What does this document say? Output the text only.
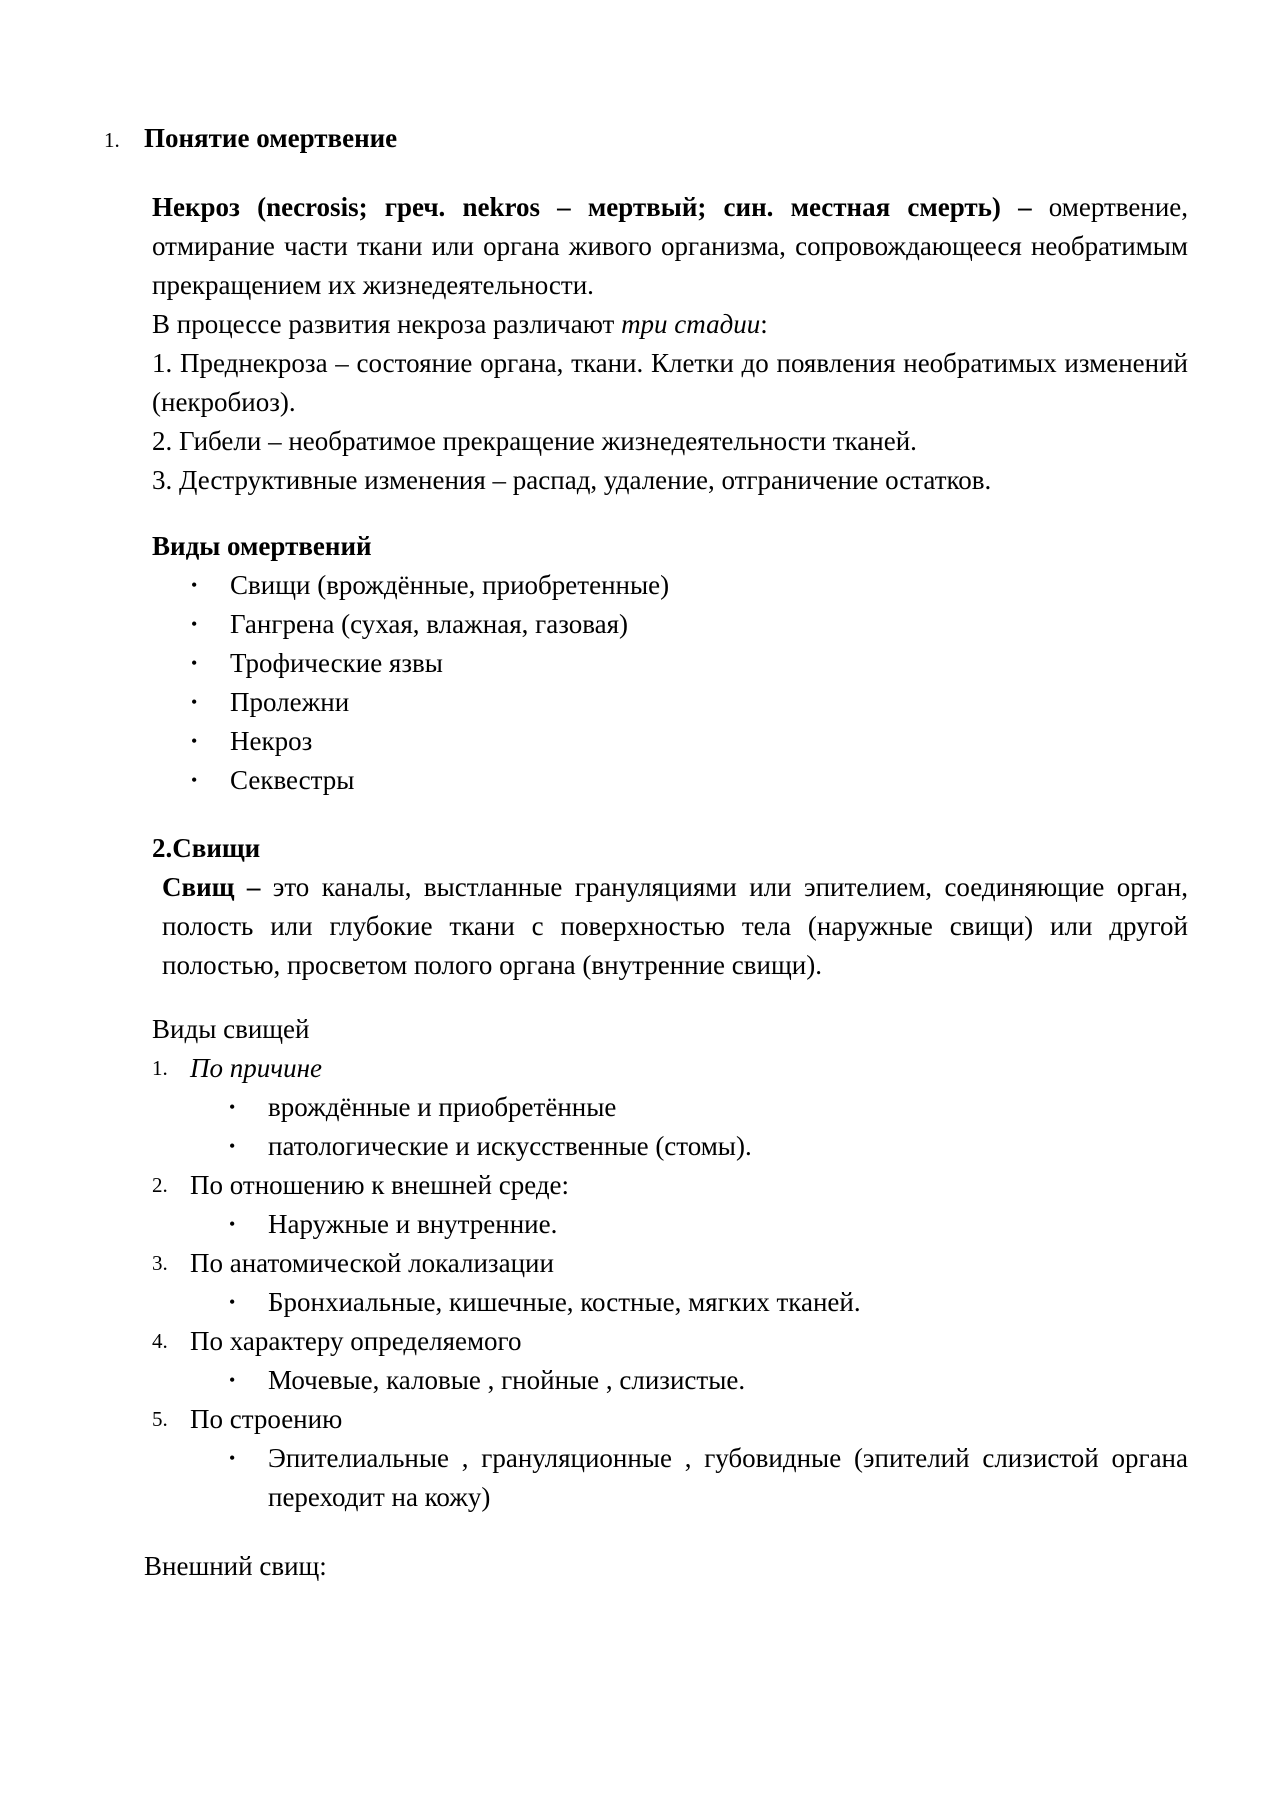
1. Понятие омертвение

Некроз (necrosis; греч. nekros – мертвый; син. местная смерть) – омертвение, отмирание части ткани или органа живого организма, сопровождающееся необратимым прекращением их жизнедеятельности.

В процессе развития некроза различают три стадии:

1. Преднекроза – состояние органа, ткани. Клетки до появления необратимых изменений (некробиоз).

2. Гибели – необратимое прекращение жизнедеятельности тканей.

3. Деструктивные изменения – распад, удаление, отграничение остатков.

Виды омертвений
• Свищи (врождённые, приобретенные)
• Гангрена (сухая, влажная, газовая)
• Трофические язвы
• Пролежни
• Некроз
• Секвестры
2.Свищи

Свищ – это каналы, выстланные грануляциями или эпителием, соединяющие орган, полость или глубокие ткани с поверхностью тела (наружные свищи) или другой полостью, просветом полого органа (внутренние свищи).

Виды свищей
1. По причине
• врождённые и приобретённые
• патологические и искусственные (стомы).
2. По отношению к внешней среде:
• Наружные и внутренние.
3. По анатомической локализации
• Бронхиальные, кишечные, костные, мягких тканей.
4. По характеру определяемого
• Мочевые, каловые , гнойные , слизистые.
5. По строению
• Эпителиальные , грануляционные , губовидные (эпителий слизистой органа переходит на кожу)
Внешний свищ:
